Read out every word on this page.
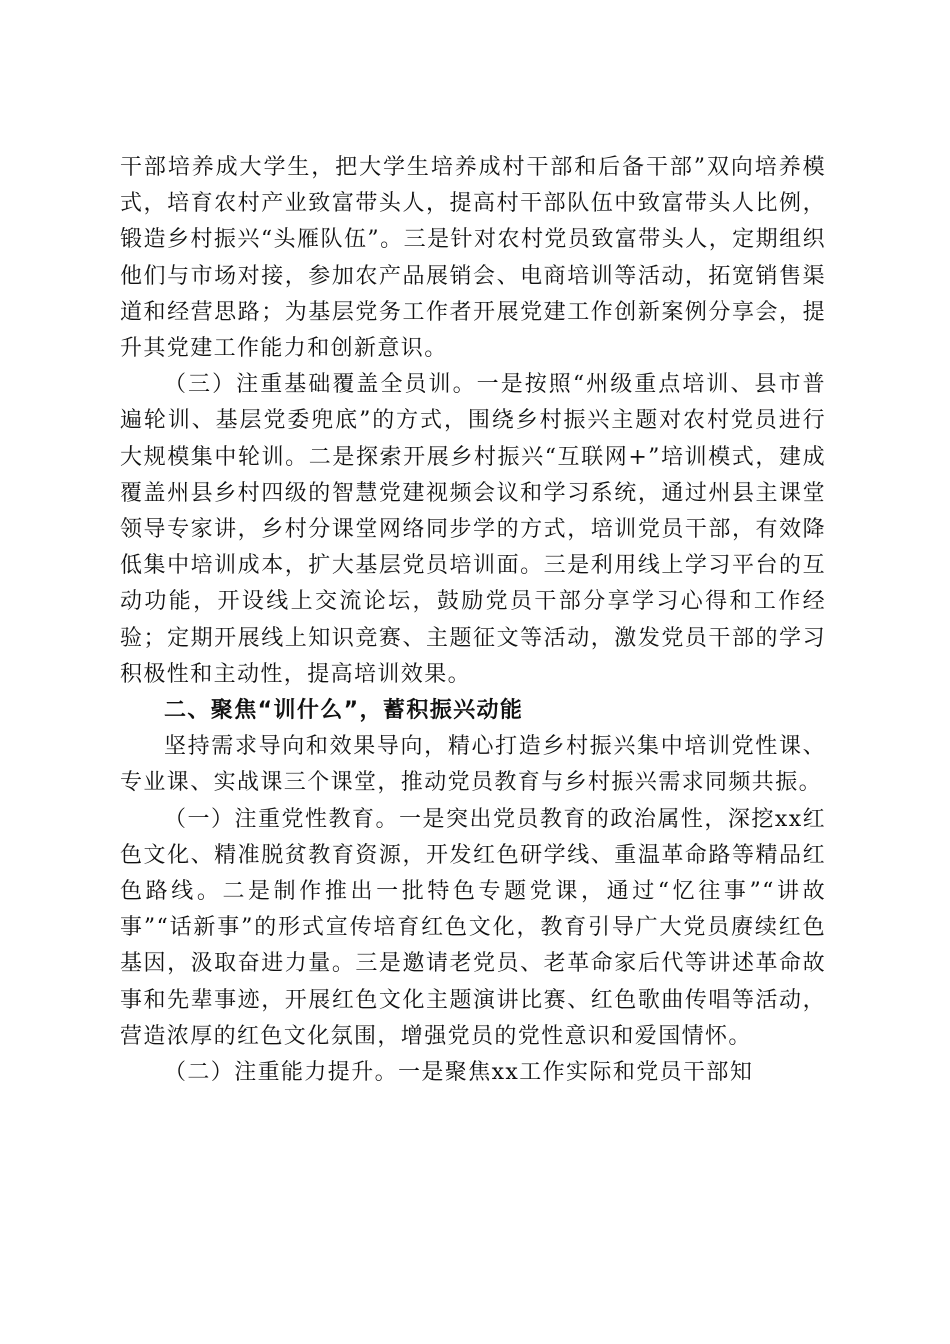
干部培养成大学生，把大学生培养成村干部和后备干部”双向培养模式，培育农村产业致富带头人，提高村干部队伍中致富带头人比例，锻造乡村振兴“头雁队伍”。三是针对农村党员致富带头人，定期组织他们与市场对接，参加农产品展销会、电商培训等活动，拓宽销售渠道和经营思路；为基层党务工作者开展党建工作创新案例分享会，提升其党建工作能力和创新意识。

（三）注重基础覆盖全员训。一是按照“州级重点培训、县市普遍轮训、基层党委兜底”的方式，围绕乡村振兴主题对农村党员进行大规模集中轮训。二是探索开展乡村振兴“互联网+”培训模式，建成覆盖州县乡村四级的智慧党建视频会议和学习系统，通过州县主课堂领导专家讲，乡村分课堂网络同步学的方式，培训党员干部，有效降低集中培训成本，扩大基层党员培训面。三是利用线上学习平台的互动功能，开设线上交流论坛，鼓励党员干部分享学习心得和工作经验；定期开展线上知识竞赛、主题征文等活动，激发党员干部的学习积极性和主动性，提高培训效果。

二、聚焦“训什么”，蓄积振兴动能

坚持需求导向和效果导向，精心打造乡村振兴集中培训党性课、专业课、实战课三个课堂，推动党员教育与乡村振兴需求同频共振。

（一）注重党性教育。一是突出党员教育的政治属性，深挖xx红色文化、精准脱贫教育资源，开发红色研学线、重温革命路等精品红色路线。二是制作推出一批特色专题党课，通过“忆往事”“讲故事”“话新事”的形式宣传培育红色文化，教育引导广大党员赓续红色基因，汲取奋进力量。三是邀请老党员、老革命家后代等讲述革命故事和先辈事迹，开展红色文化主题演讲比赛、红色歌曲传唱等活动，营造浓厚的红色文化氛围，增强党员的党性意识和爱国情怀。

（二）注重能力提升。一是聚焦xx工作实际和党员干部知
